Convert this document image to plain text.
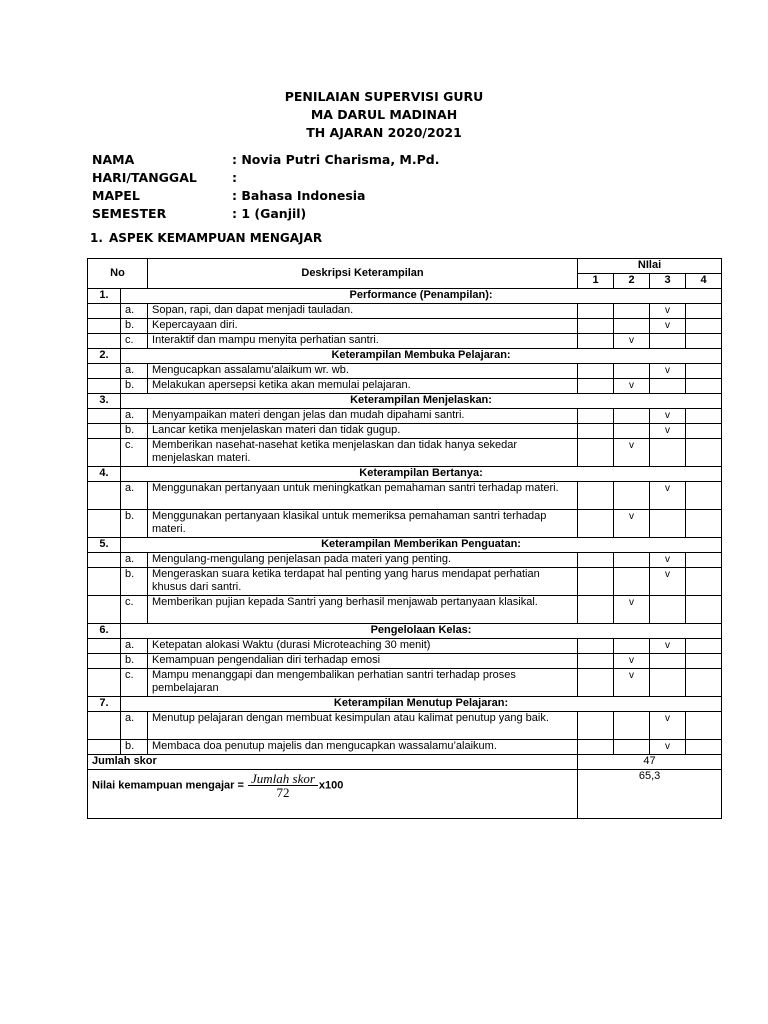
PENILAIAN SUPERVISI GURU
MA DARUL MADINAH
TH AJARAN 2020/2021
NAMA	: Novia Putri Charisma, M.Pd.
HARI/TANGGAL	:
MAPEL	: Bahasa Indonesia
SEMESTER	: 1 (Ganjil)
1. ASPEK KEMAMPUAN MENGAJAR
No		Deskripsi Keterampilan	NIlai			
			1	2	3	4
1.	Performance (Penampilan):					
	a.	Sopan, rapi, dan dapat menjadi tauladan.			v	
	b.	Kepercayaan diri.			v	
	c.	Interaktif dan mampu menyita perhatian santri.		v		
2.	Keterampilan Membuka Pelajaran:					
	a.	Mengucapkan assalamu’alaikum wr. wb.			v	
	b.	Melakukan apersepsi ketika akan memulai pelajaran.		v		
3.	Keterampilan Menjelaskan:					
	a.	Menyampaikan materi dengan jelas dan mudah dipahami santri.			v	
	b.	Lancar ketika menjelaskan materi dan tidak gugup.			v	
	c.	Memberikan nasehat-nasehat ketika menjelaskan dan tidak hanya sekedar menjelaskan materi.		v		
4.	Keterampilan Bertanya:					
	a.	Menggunakan pertanyaan untuk meningkatkan pemahaman santri terhadap materi.			v	
	b.	Menggunakan pertanyaan klasikal untuk memeriksa pemahaman santri terhadap materi.		v		
5.	Keterampilan Memberikan Penguatan:					
	a.	Mengulang-mengulang penjelasan pada materi yang penting.			v	
	b.	Mengeraskan suara ketika terdapat hal penting yang harus mendapat perhatian khusus dari santri.			v	
	c.	Memberikan pujian kepada Santri yang berhasil menjawab pertanyaan klasikal.		v		
6.	Pengelolaan Kelas:					
	a.	Ketepatan alokasi Waktu (durasi Microteaching 30 menit)			v	
	b.	Kemampuan pengendalian diri terhadap emosi		v		
	c.	Mampu menanggapi dan mengembalikan perhatian santri terhadap proses pembelajaran		v		
7.	Keterampilan Menutup Pelajaran:					
	a.	Menutup pelajaran dengan membuat kesimpulan atau kalimat penutup yang baik.			v	
	b.	Membaca doa penutup majelis dan mengucapkan wassalamu’alaikum.			v	
Jumlah skor			47			

Nilai kemampuan mengajar = $\frac{\text{Jumlah skor}}{72} x100$			65,3			
